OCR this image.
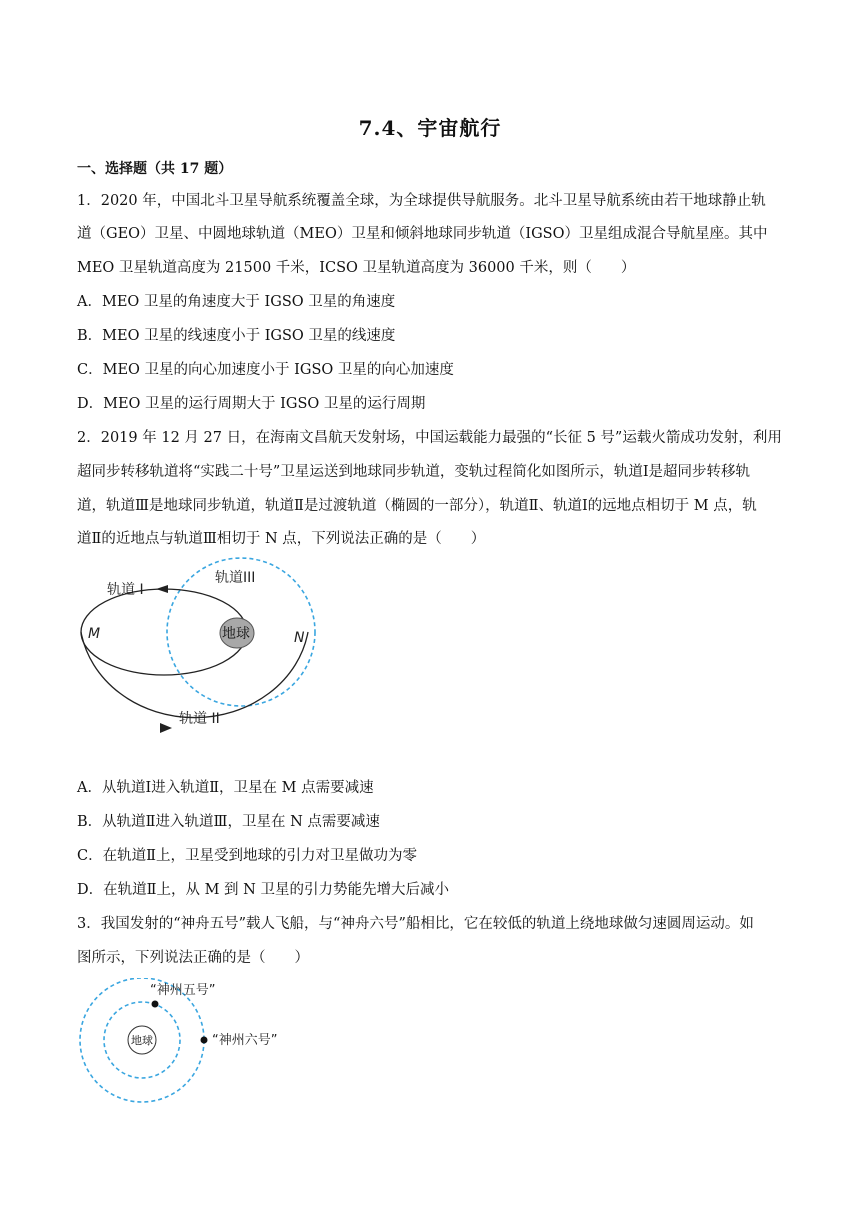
7.4、宇宙航行
一、选择题（共 17 题）
1．2020 年，中国北斗卫星导航系统覆盖全球，为全球提供导航服务。北斗卫星导航系统由若干地球静止轨
道（GEO）卫星、中圆地球轨道（MEO）卫星和倾斜地球同步轨道（IGSO）卫星组成混合导航星座。其中
MEO 卫星轨道高度为 21500 千米，ICSO 卫星轨道高度为 36000 千米，则（　　）
A．MEO 卫星的角速度大于 IGSO 卫星的角速度
B．MEO 卫星的线速度小于 IGSO 卫星的线速度
C．MEO 卫星的向心加速度小于 IGSO 卫星的向心加速度
D．MEO 卫星的运行周期大于 IGSO 卫星的运行周期
2．2019 年 12 月 27 日，在海南文昌航天发射场，中国运载能力最强的“长征 5 号”运载火箭成功发射，利用
超同步转移轨道将“实践二十号”卫星运送到地球同步轨道，变轨过程简化如图所示，轨道Ⅰ是超同步转移轨
道，轨道Ⅲ是地球同步轨道，轨道Ⅱ是过渡轨道（椭圆的一部分），轨道Ⅱ、轨道Ⅰ的远地点相切于 M 点，轨
道Ⅱ的近地点与轨道Ⅲ相切于 N 点，下列说法正确的是（　　）
轨道 I
轨道III
轨道 II
地球
M	N
A．从轨道Ⅰ进入轨道Ⅱ，卫星在 M 点需要减速
B．从轨道Ⅱ进入轨道Ⅲ，卫星在 N 点需要减速
C．在轨道Ⅱ上，卫星受到地球的引力对卫星做功为零
D．在轨道Ⅱ上，从 M 到 N 卫星的引力势能先增大后减小
3．我国发射的“神舟五号”载人飞船，与“神舟六号”船相比，它在较低的轨道上绕地球做匀速圆周运动。如
图所示，下列说法正确的是（　　）
地球
“神州五号”
“神州六号”
